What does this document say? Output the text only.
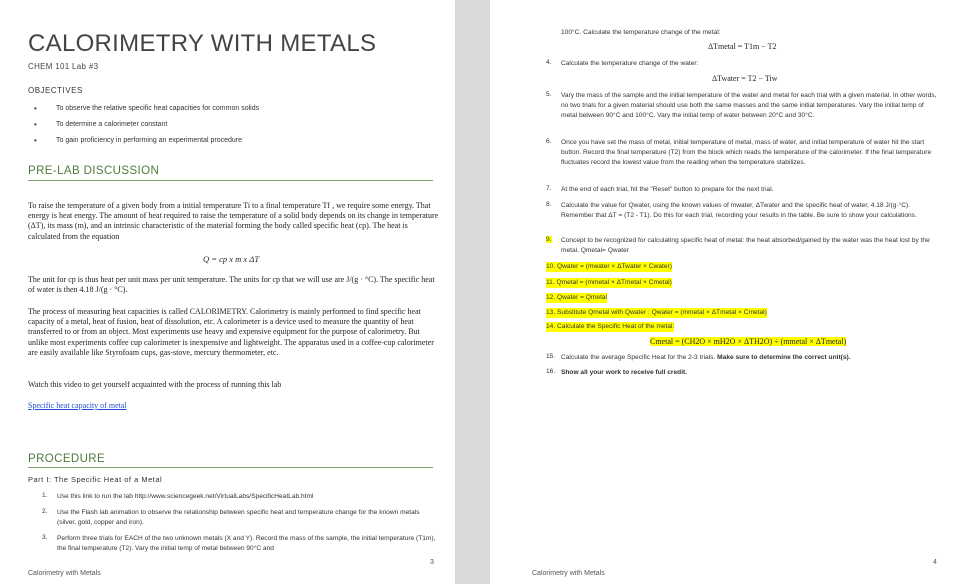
CALORIMETRY WITH METALS
CHEM 101 Lab #3
OBJECTIVES
• To observe the relative specific heat capacities for common solids
• To determine a calorimeter constant
• To gain proficiency in performing an experimental procedure
PRE-LAB DISCUSSION
To raise the temperature of a given body from a initial temperature Ti to a final temperature Tf , we require some energy. That energy is heat energy. The amount of heat required to raise the temperature of a solid body depends on its change in temperature (ΔT), its mass (m), and an intrinsic characteristic of the material forming the body called specific heat (cp). The heat is calculated from the equation
Q = cp x m x ΔT
The unit for cp is thus heat per unit mass per unit temperature. The units for cp that we will use are J/(g · °C). The specific heat of water is then 4.18 J/(g · °C).
The process of measuring heat capacities is called CALORIMETRY. Calorimetry is mainly performed to find specific heat capacity of a metal, heat of fusion, heat of dissolution, etc. A calorimeter is a device used to measure the quantity of heat transferred to or from an object. Most experiments use heavy and expensive equipment for the purpose of calorimetry. But unlike most experiments coffee cup calorimeter is inexpensive and lightweight. The apparatus used in a coffee-cup calorimeter are easily available like Styrofoam cups, gas-stove, mercury thermometer, etc.
Watch this video to get yourself acquainted with the process of running this lab
Specific heat capacity of metal
PROCEDURE
Part I: The Specific Heat of a Metal
1. Use this link to run the lab http://www.sciencegeek.net/VirtualLabs/SpecificHeatLab.html
2. Use the Flash lab animation to observe the relationship between specific heat and temperature change for the known metals (silver, gold, copper and iron).
3. Perform three trials for EACH of the two unknown metals (X and Y). Record the mass of the sample, the initial temperature (T1m), the final temperature (T2). Vary the initial temp of metal between 90°C and
3
Calorimetry with Metals
100°C. Calculate the temperature change of the metal:
ΔTmetal = T1m − T2
4. Calculate the temperature change of the water:
ΔTwater = T2 − Tiw
5. Vary the mass of the sample and the initial temperature of the water and metal for each trial with a given material. In other words, no two trials for a given material should use both the same masses and the same initial temperatures. Vary the initial temp of metal between 90°C and 100°C. Vary the initial temp of water between 20°C and 30°C.
6. Once you have set the mass of metal, initial temperature of metal, mass of water, and initial temperature of water hit the start button. Record the final temperature (T2) from the block which reads the temperature of the calorimeter. If the final temperature fluctuates record the lowest value from the reading when the temperature stabilizes.
7. At the end of each trial, hit the "Reset" button to prepare for the next trial.
8. Calculate the value for Qwater, using the known values of mwater, ΔTwater and the specific heat of water, 4.18 J/(g·°C). Remember that ΔT = (T2 - T1). Do this for each trial, recording your results in the table. Be sure to show your calculations.
9. Concept to be recognized for calculating specific heat of metal: the heat absorbed/gained by the water was the heat lost by the metal. Qmetal= Qwater
10. Qwater = (mwater × ΔTwater × Cwater)
11. Qmetal = (mmetal × ΔTmetal × Cmetal)
12. Qwater = Qmetal
13. Substitute Qmetal with Qwater : Qwater = (mmetal × ΔTmetal × Cmetal)
14. Calculate the Specific Heat of the metal:
Cmetal = (CH2O × mH2O × ΔTH2O) ÷ (mmetal × ΔTmetal)
15. Calculate the average Specific Heat for the 2-3 trials. Make sure to determine the correct unit(s).
16. Show all your work to receive full credit.
4
Calorimetry with Metals
